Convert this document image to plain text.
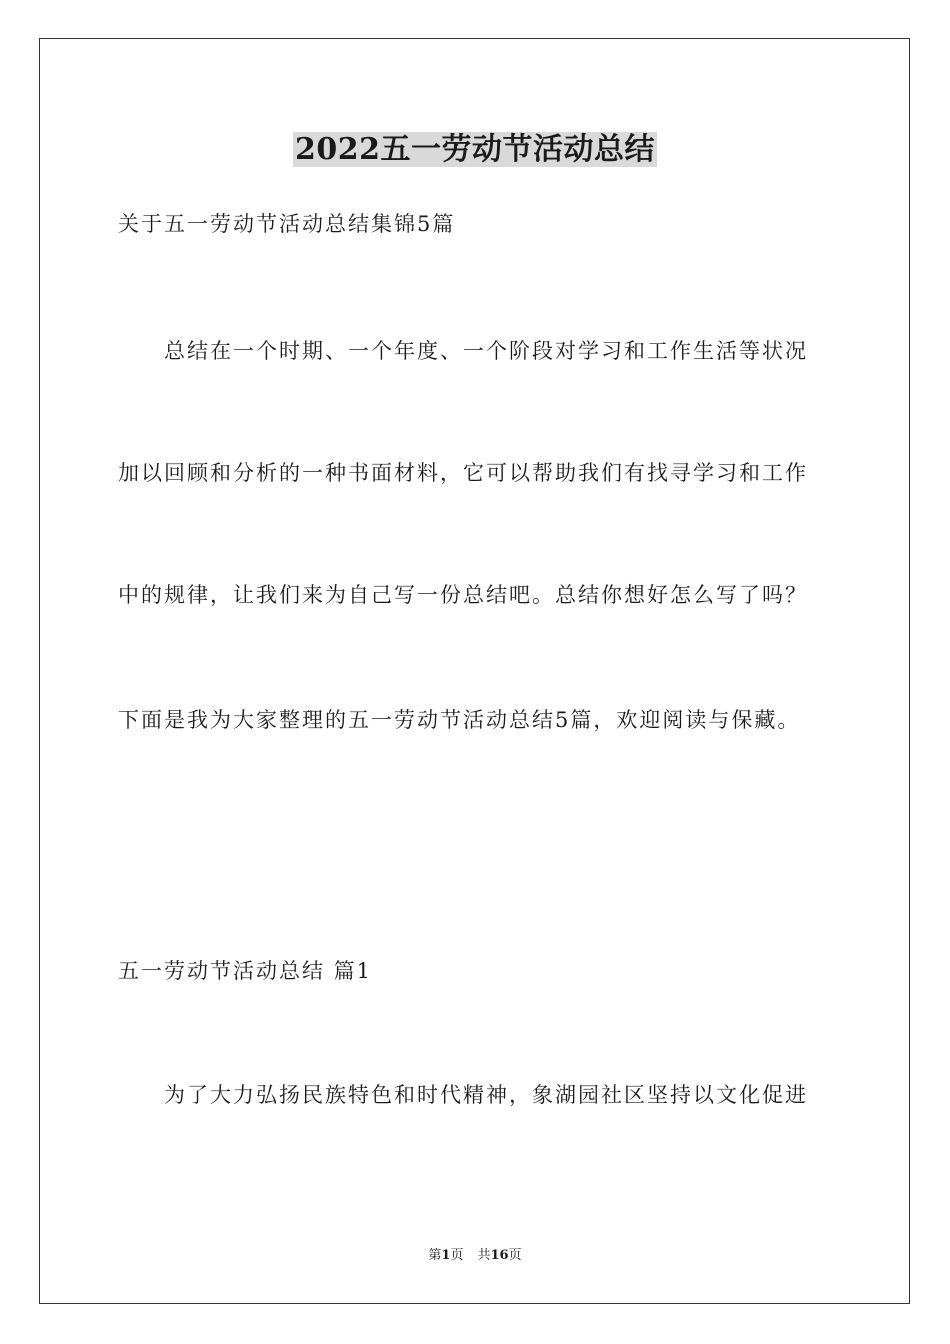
2022五一劳动节活动总结
关于五一劳动节活动总结集锦5篇
总结在一个时期、一个年度、一个阶段对学习和工作生活等状况
加以回顾和分析的一种书面材料，它可以帮助我们有找寻学习和工作
中的规律，让我们来为自己写一份总结吧。总结你想好怎么写了吗？
下面是我为大家整理的五一劳动节活动总结5篇，欢迎阅读与保藏。
五一劳动节活动总结 篇1
为了大力弘扬民族特色和时代精神，象湖园社区坚持以文化促进
第1页 共16页
